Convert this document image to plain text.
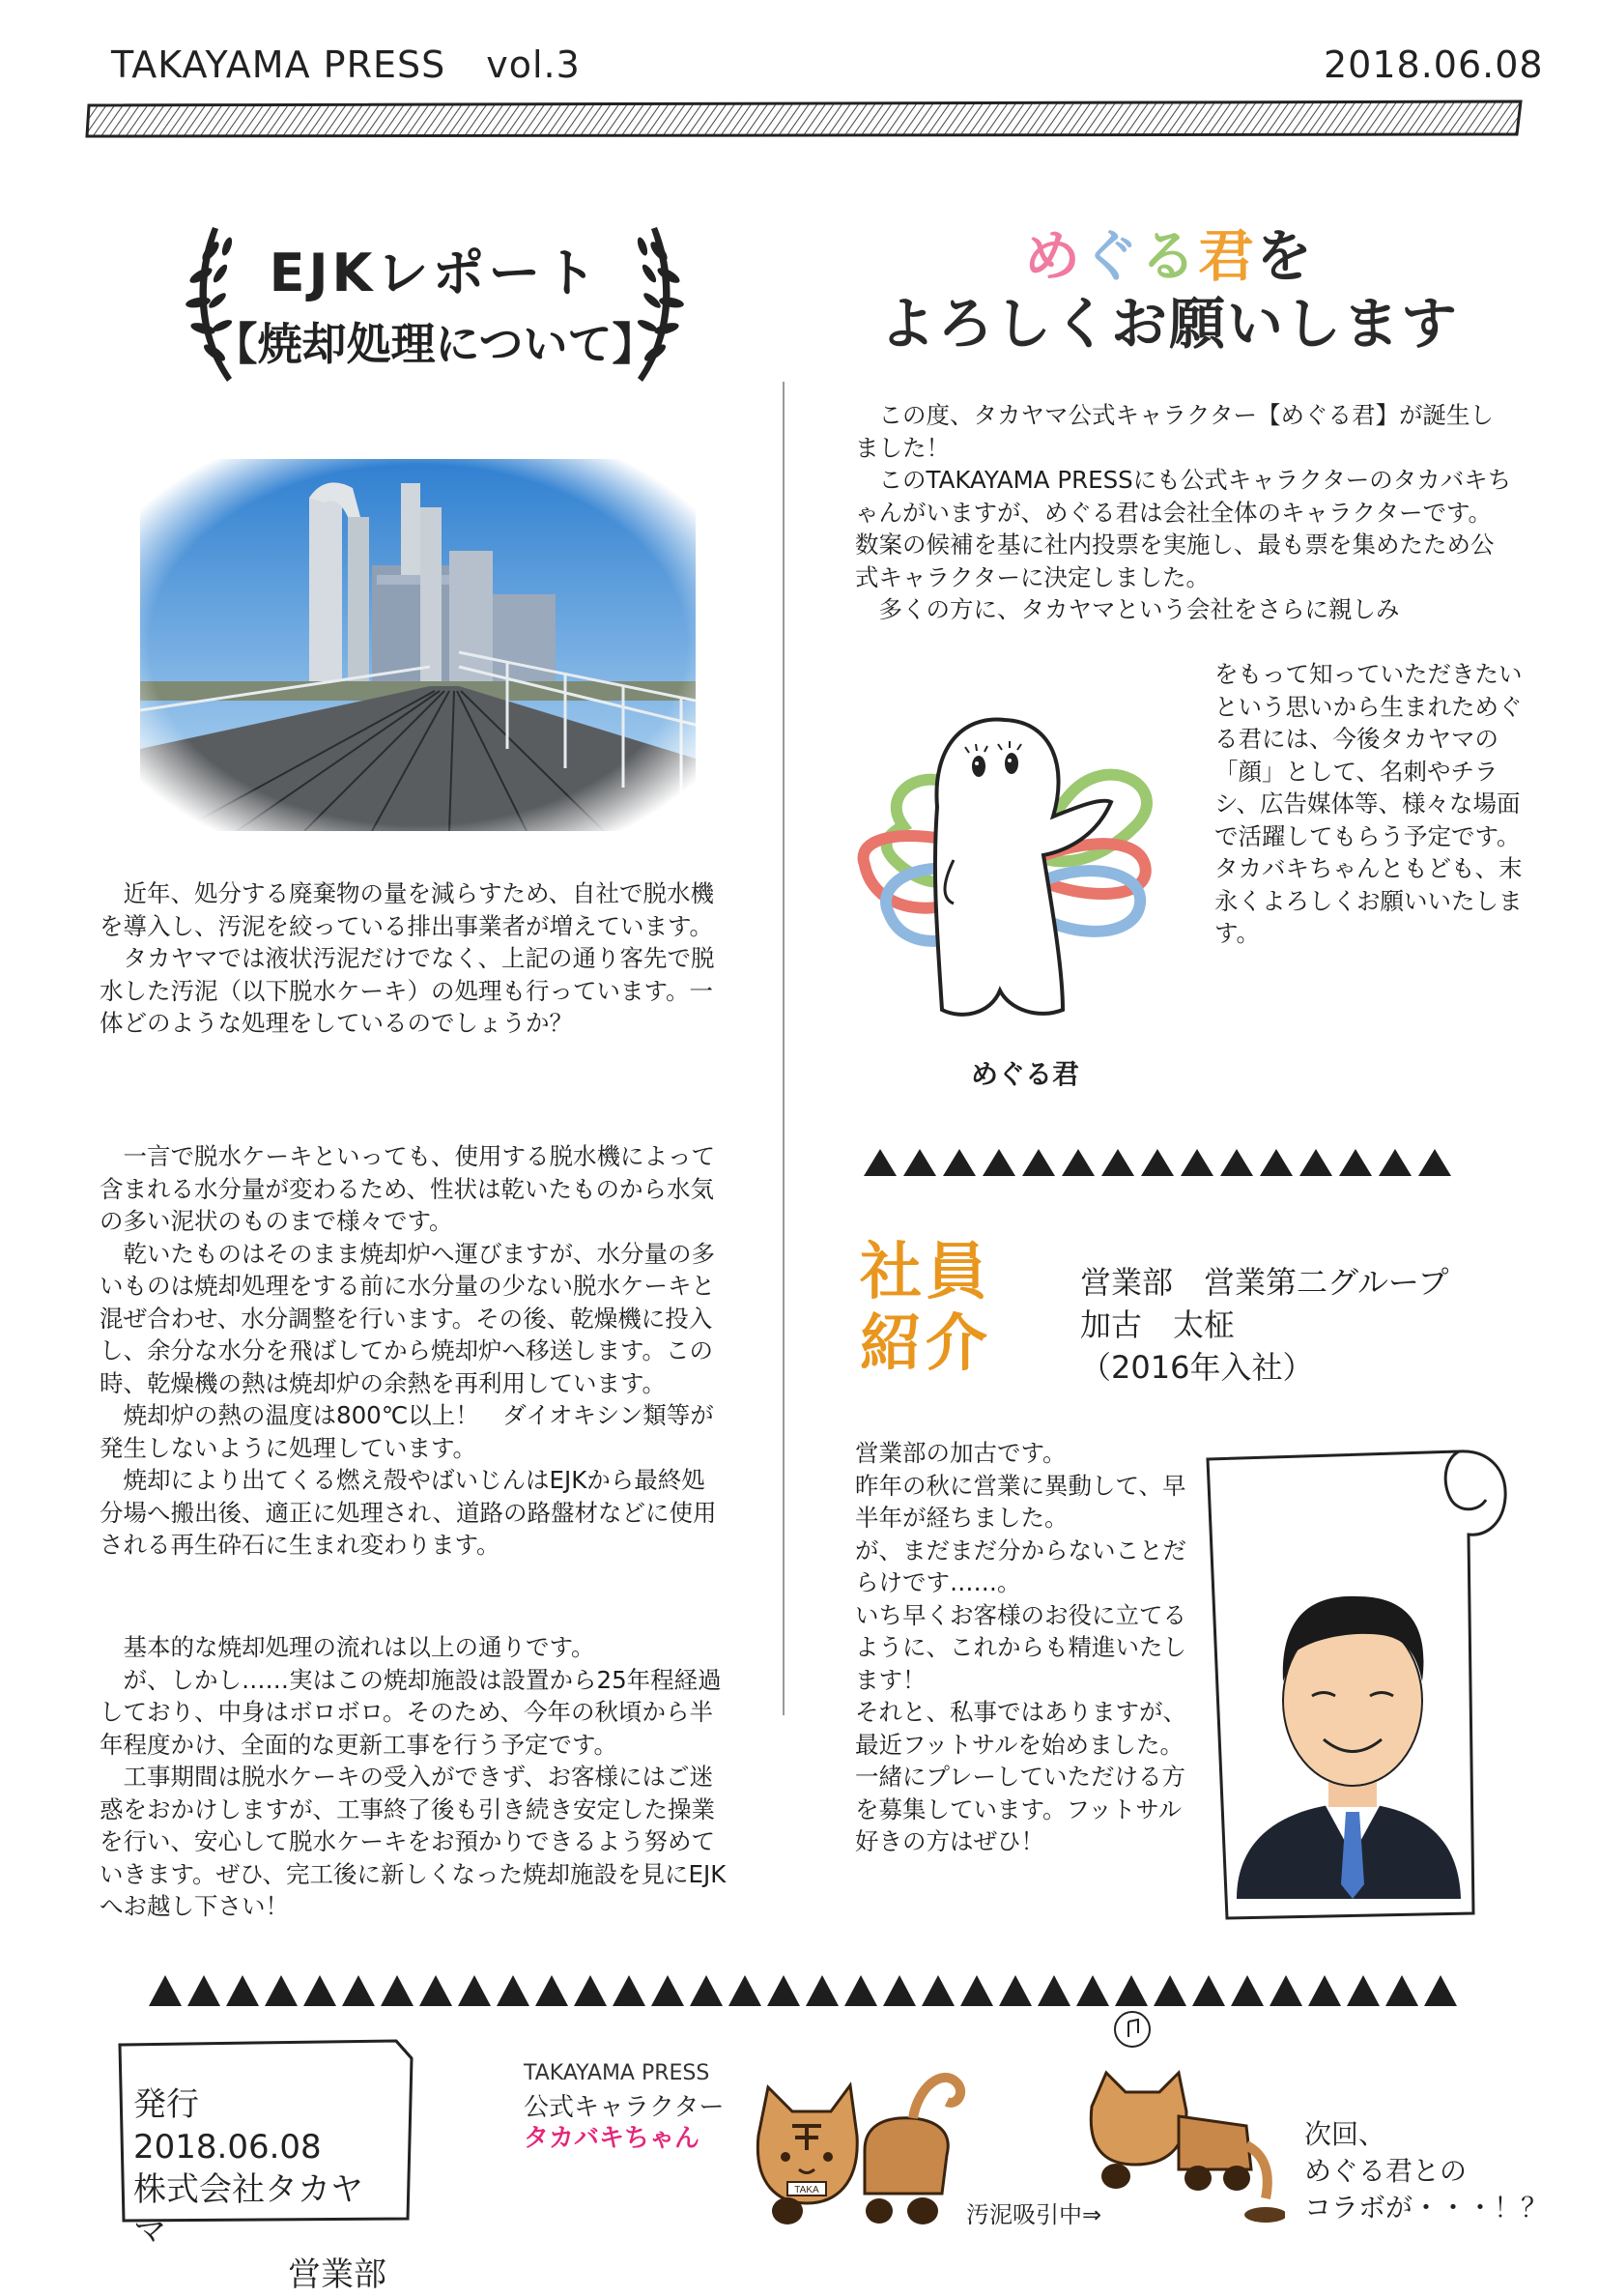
TAKAYAMA PRESS vol.3	2018.06.08
EJKレポート
【焼却処理について】

近年、処分する廃棄物の量を減らすため、自社で脱水機を導入し、汚泥を絞っている排出事業者が増えています。

タカヤマでは液状汚泥だけでなく、上記の通り客先で脱水した汚泥（以下脱水ケーキ）の処理も行っています。一体どのような処理をしているのでしょうか？

一言で脱水ケーキといっても、使用する脱水機によって含まれる水分量が変わるため、性状は乾いたものから水気の多い泥状のものまで様々です。

乾いたものはそのまま焼却炉へ運びますが、水分量の多いものは焼却処理をする前に水分量の少ない脱水ケーキと混ぜ合わせ、水分調整を行います。その後、乾燥機に投入し、余分な水分を飛ばしてから焼却炉へ移送します。この時、乾燥機の熱は焼却炉の余熱を再利用しています。

焼却炉の熱の温度は800℃以上！　ダイオキシン類等が発生しないように処理しています。

焼却により出てくる燃え殻やばいじんはEJKから最終処分場へ搬出後、適正に処理され、道路の路盤材などに使用される再生砕石に生まれ変わります。

基本的な焼却処理の流れは以上の通りです。

が、しかし……実はこの焼却施設は設置から25年程経過しており、中身はボロボロ。そのため、今年の秋頃から半年程度かけ、全面的な更新工事を行う予定です。

工事期間は脱水ケーキの受入ができず、お客様にはご迷惑をおかけしますが、工事終了後も引き続き安定した操業を行い、安心して脱水ケーキをお預かりできるよう努めていきます。ぜひ、完工後に新しくなった焼却施設を見にEJKへお越し下さい！

めぐる君を
よろしくお願いします

この度、タカヤマ公式キャラクター【めぐる君】が誕生しました！

このTAKAYAMA PRESSにも公式キャラクターのタカバキちゃんがいますが、めぐる君は会社全体のキャラクターです。数案の候補を基に社内投票を実施し、最も票を集めたため公式キャラクターに決定しました。

多くの方に、タカヤマという会社をさらに親しみ

をもって知っていただきたいという思いから生まれためぐる君には、今後タカヤマの「顔」として、名刺やチラシ、広告媒体等、様々な場面で活躍してもらう予定です。タカバキちゃんともども、末永くよろしくお願いいたします。
めぐる君
社員
紹介
営業部　営業第二グループ
加古　太柾
（2016年入社）

営業部の加古です。

昨年の秋に営業に異動して、早半年が経ちました。

が、まだまだ分からないことだらけです……。

いち早くお客様のお役に立てるように、これからも精進いたします！

それと、私事ではありますが、最近フットサルを始めました。一緒にプレーしていただける方を募集しています。フットサル好きの方はぜひ！

発行　2018.06.08
株式会社タカヤマ
営業部
TAKAYAMA PRESS
公式キャラクター
タカバキちゃん
TAKA
汚泥吸引中⇒
次回、
めぐる君との
コラボが・・・！？
